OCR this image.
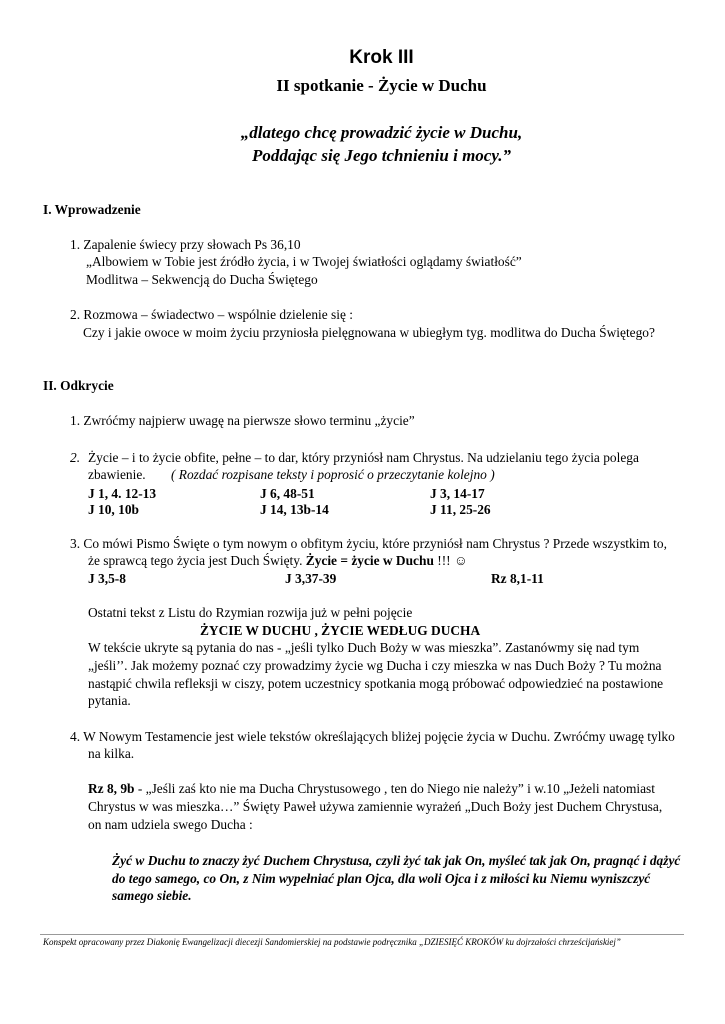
Krok III
II spotkanie - Życie w Duchu
„dlatego chcę prowadzić życie w Duchu,
Poddając się Jego tchnieniu i mocy.”
I. Wprowadzenie
1. Zapalenie świecy przy słowach Ps 36,10
„Albowiem w Tobie jest źródło życia, i w Twojej światłości oglądamy światłość”
Modlitwa – Sekwencją do Ducha Świętego
2. Rozmowa – świadectwo – wspólnie dzielenie się :
Czy i jakie owoce w moim życiu przyniosła pielęgnowana w ubiegłym tyg. modlitwa do Ducha Świętego?
II. Odkrycie
1. Zwróćmy najpierw uwagę na pierwsze słowo terminu „życie”
2. Życie – i to życie obfite, pełne – to dar, który przyniósł nam Chrystus. Na udzielaniu tego życia polega
zbawienie. ( Rozdać rozpisane teksty i poprosić o przeczytanie kolejno )
J 1, 4. 12-13	J 6, 48-51	J 3, 14-17
J 10, 10b	J 14, 13b-14	J 11, 25-26
3. Co mówi Pismo Święte o tym nowym o obfitym życiu, które przyniósł nam Chrystus ? Przede wszystkim to,
że sprawcą tego życia jest Duch Święty. Życie = życie w Duchu !!! ☺
J 3,5-8	J 3,37-39	Rz 8,1-11
Ostatni tekst z Listu do Rzymian rozwija już w pełni pojęcie
ŻYCIE W DUCHU , ŻYCIE WEDŁUG DUCHA
W tekście ukryte są pytania do nas - „jeśli tylko Duch Boży w was mieszka”. Zastanówmy się nad tym
„jeśli’’. Jak możemy poznać czy prowadzimy życie wg Ducha i czy mieszka w nas Duch Boży ? Tu można
nastąpić chwila refleksji w ciszy, potem uczestnicy spotkania mogą próbować odpowiedzieć na postawione
pytania.
4. W Nowym Testamencie jest wiele tekstów określających bliżej pojęcie życia w Duchu. Zwróćmy uwagę tylko
na kilka.
Rz 8, 9b - „Jeśli zaś kto nie ma Ducha Chrystusowego , ten do Niego nie należy” i w.10 „Jeżeli natomiast
Chrystus w was mieszka…” Święty Paweł używa zamiennie wyrażeń „Duch Boży jest Duchem Chrystusa,
on nam udziela swego Ducha :
Żyć w Duchu to znaczy żyć Duchem Chrystusa, czyli żyć tak jak On, myśleć tak jak On, pragnąć i dążyć
do tego samego, co On, z Nim wypełniać plan Ojca, dla woli Ojca i z miłości ku Niemu wyniszczyć
samego siebie.
Konspekt opracowany przez Diakonię Ewangelizacji diecezji Sandomierskiej na podstawie podręcznika „DZIESIĘĆ KROKÓW ku dojrzałości chrześcijańskiej”
